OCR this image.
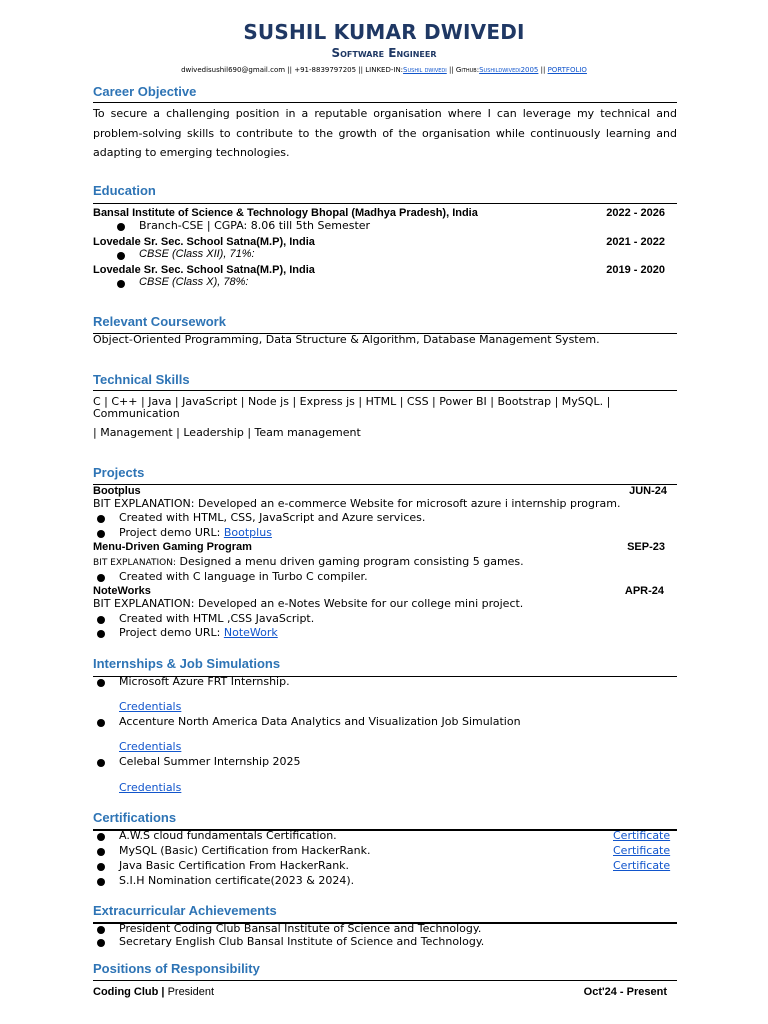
SUSHIL KUMAR DWIVEDI
Software Engineer
dwivedisushil690@gmail.com || +91-8839797205 || LINKED-IN:Sushil dwivedi || Github:Sushildwivedi2005 || PORTFOLIO
Career Objective
To secure a challenging position in a reputable organisation where I can leverage my technical and problem-solving skills to contribute to the growth of the organisation while continuously learning and adapting to emerging technologies.
Education
Bansal Institute of Science & Technology Bhopal (Madhya Pradesh), India	2022 - 2026
Branch-CSE | CGPA: 8.06 till 5th Semester
Lovedale Sr. Sec. School Satna(M.P), India	2021 - 2022
CBSE (Class XII), 71%:
Lovedale Sr. Sec. School Satna(M.P), India	2019 - 2020
CBSE (Class X), 78%:
Relevant Coursework
Object-Oriented Programming, Data Structure & Algorithm, Database Management System.
Technical Skills
C | C++ | Java | JavaScript | Node js | Express js | HTML | CSS | Power BI | Bootstrap | MySQL. |
Communication
| Management | Leadership | Team management
Projects
Bootplus	JUN-24
BIT EXPLANATION: Developed an e-commerce Website for microsoft azure i internship program.
Created with HTML, CSS, JavaScript and Azure services.
Project demo URL: Bootplus
Menu-Driven Gaming Program	SEP-23
BIT EXPLANATION: Designed a menu driven gaming program consisting 5 games.
Created with C language in Turbo C compiler.
NoteWorks	APR-24
BIT EXPLANATION: Developed an e-Notes Website for our college mini project.
Created with HTML ,CSS JavaScript.
Project demo URL: NoteWork
Internships & Job Simulations
Microsoft Azure FRT Internship.
Credentials
Accenture North America Data Analytics and Visualization Job Simulation
Credentials
Celebal Summer Internship 2025
Credentials
Certifications
A.W.S cloud fundamentals Certification.	Certificate
MySQL (Basic) Certification from HackerRank.	Certificate
Java Basic Certification From HackerRank.	Certificate
S.I.H Nomination certificate(2023 & 2024).
Extracurricular Achievements
President Coding Club Bansal Institute of Science and Technology.
Secretary English Club Bansal Institute of Science and Technology.
Positions of Responsibility
Coding Club | President	Oct'24 - Present
